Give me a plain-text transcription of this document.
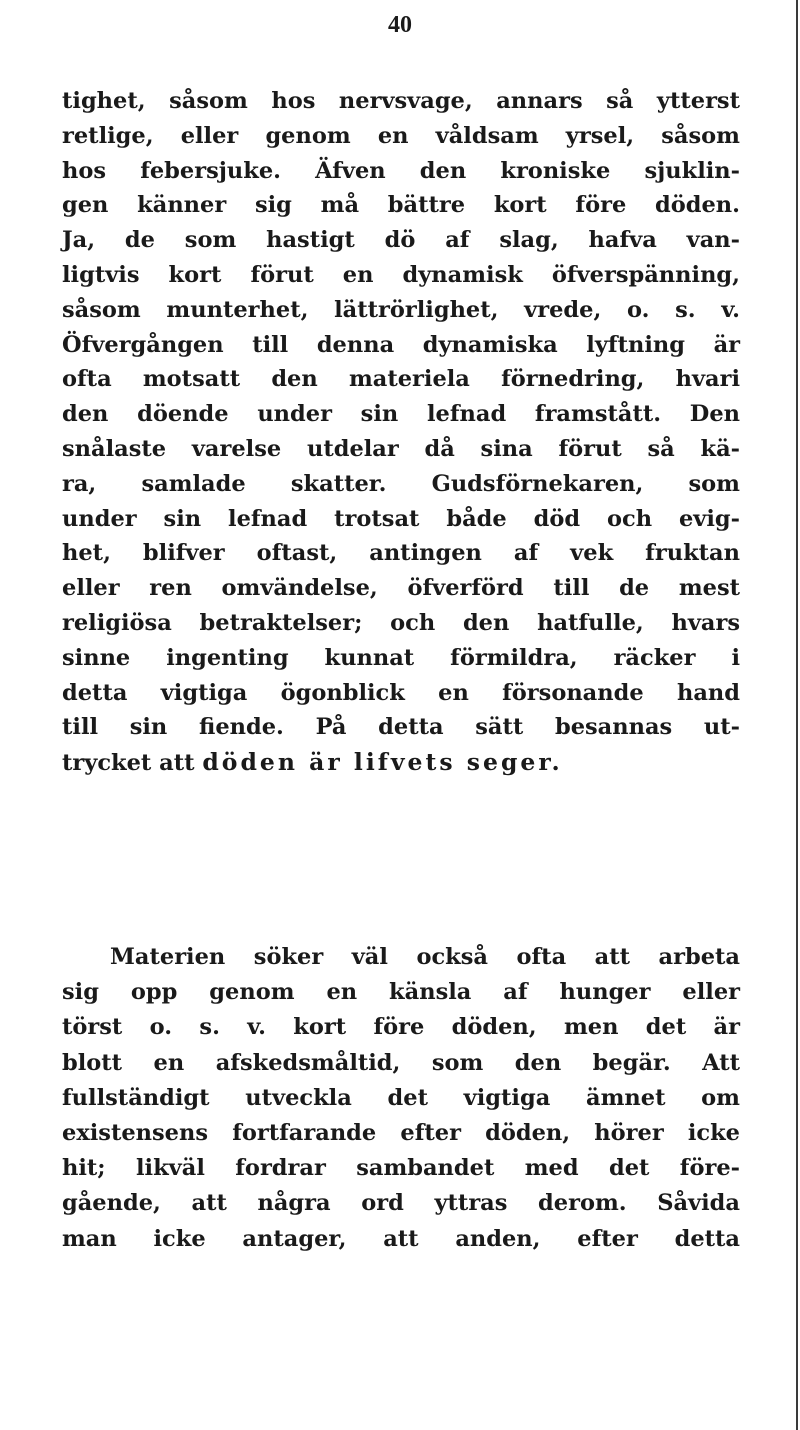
40
tighet, såsom hos nervsvage, annars så ytterst
retlige, eller genom en våldsam yrsel, såsom
hos febersjuke. Äfven den kroniske sjuklin-
gen känner sig må bättre kort före döden.
Ja, de som hastigt dö af slag, hafva van-
ligtvis kort förut en dynamisk öfverspänning,
såsom munterhet, lättrörlighet, vrede, o. s. v.
Öfvergången till denna dynamiska lyftning är
ofta motsatt den materiela förnedring, hvari
den döende under sin lefnad framstått. Den
snålaste varelse utdelar då sina förut så kä-
ra, samlade skatter. Gudsförnekaren, som
under sin lefnad trotsat både död och evig-
het, blifver oftast, antingen af vek fruktan
eller ren omvändelse, öfverförd till de mest
religiösa betraktelser; och den hatfulle, hvars
sinne ingenting kunnat förmildra, räcker i
detta vigtiga ögonblick en försonande hand
till sin fiende. På detta sätt besannas ut-
trycket att döden är lifvets seger.
Materien söker väl också ofta att arbeta
sig opp genom en känsla af hunger eller
törst o. s. v. kort före döden, men det är
blott en afskedsmåltid, som den begär. Att
fullständigt utveckla det vigtiga ämnet om
existensens fortfarande efter döden, hörer icke
hit; likväl fordrar sambandet med det före-
gående, att några ord yttras derom. Såvida
man icke antager, att anden, efter detta
